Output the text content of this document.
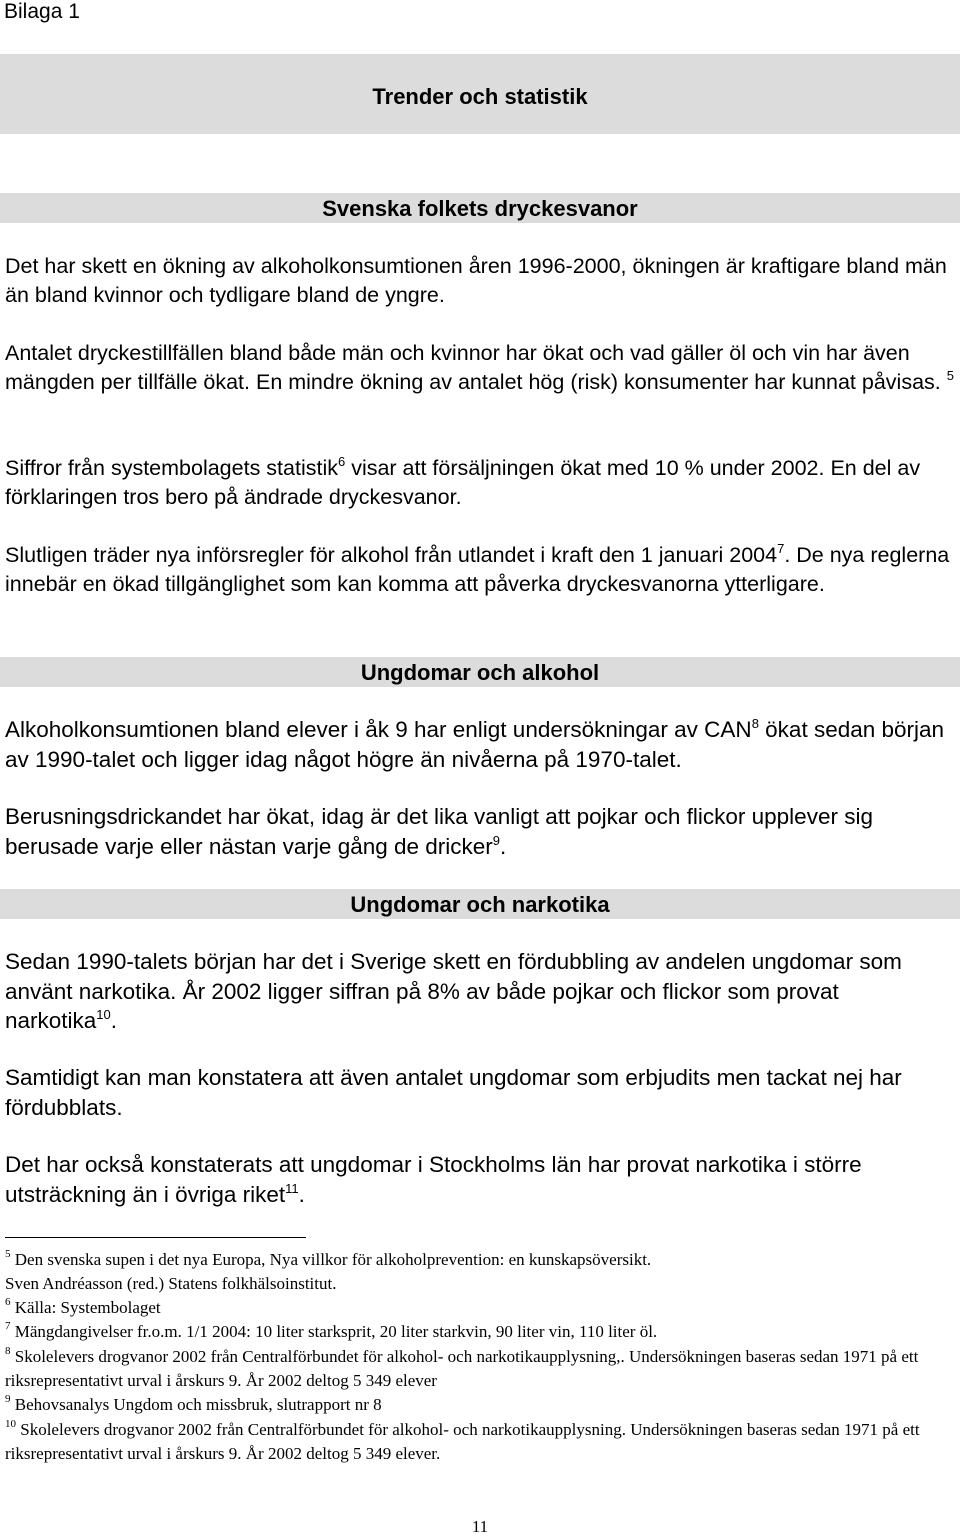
Bilaga 1
Trender och statistik
Svenska folkets dryckesvanor
Det har skett en ökning av alkoholkonsumtionen åren 1996-2000, ökningen är kraftigare bland män än bland kvinnor och tydligare bland de yngre.
Antalet dryckestillfällen bland både män och kvinnor har ökat och vad gäller öl och vin har även mängden per tillfälle ökat. En mindre ökning av antalet hög (risk) konsumenter har kunnat påvisas. $^5$
Siffror från systembolagets statistik$^6$ visar att försäljningen ökat med 10 % under 2002. En del av förklaringen tros bero på ändrade dryckesvanor.
Slutligen träder nya införsregler för alkohol från utlandet i kraft den 1 januari 2004$^7$. De nya reglerna innebär en ökad tillgänglighet som kan komma att påverka dryckesvanorna ytterligare.
Ungdomar och alkohol
Alkoholkonsumtionen bland elever i åk 9 har enligt undersökningar av CAN$^8$ ökat sedan början av 1990-talet och ligger idag något högre än nivåerna på 1970-talet.
Berusningsdrickandet har ökat, idag är det lika vanligt att pojkar och flickor upplever sig berusade varje eller nästan varje gång de dricker$^9$.
Ungdomar och narkotika
Sedan 1990-talets början har det i Sverige skett en fördubbling av andelen ungdomar som använt narkotika. År 2002 ligger siffran på 8% av både pojkar och flickor som provat narkotika$^{10}$.
Samtidigt kan man konstatera att även antalet ungdomar som erbjudits men tackat nej har fördubblats.
Det har också konstaterats att ungdomar i Stockholms län har provat narkotika i större utsträckning än i övriga riket$^{11}$.
$^5$ Den svenska supen i det nya Europa, Nya villkor för alkoholprevention: en kunskapsöversikt.
Sven Andréasson (red.) Statens folkhälsoinstitut.
$^6$ Källa: Systembolaget
$^7$ Mängdangivelser fr.o.m. 1/1 2004: 10 liter starksprit, 20 liter starkvin, 90 liter vin, 110 liter öl.
$^8$ Skolelevers drogvanor 2002 från Centralförbundet för alkohol- och narkotikaupplysning,. Undersökningen baseras sedan 1971 på ett riksrepresentativt urval i årskurs 9. År 2002 deltog 5 349 elever
$^9$ Behovsanalys Ungdom och missbruk, slutrapport nr 8
$^{10}$ Skolelevers drogvanor 2002 från Centralförbundet för alkohol- och narkotikaupplysning. Undersökningen baseras sedan 1971 på ett riksrepresentativt urval i årskurs 9. År 2002 deltog 5 349 elever.
11
